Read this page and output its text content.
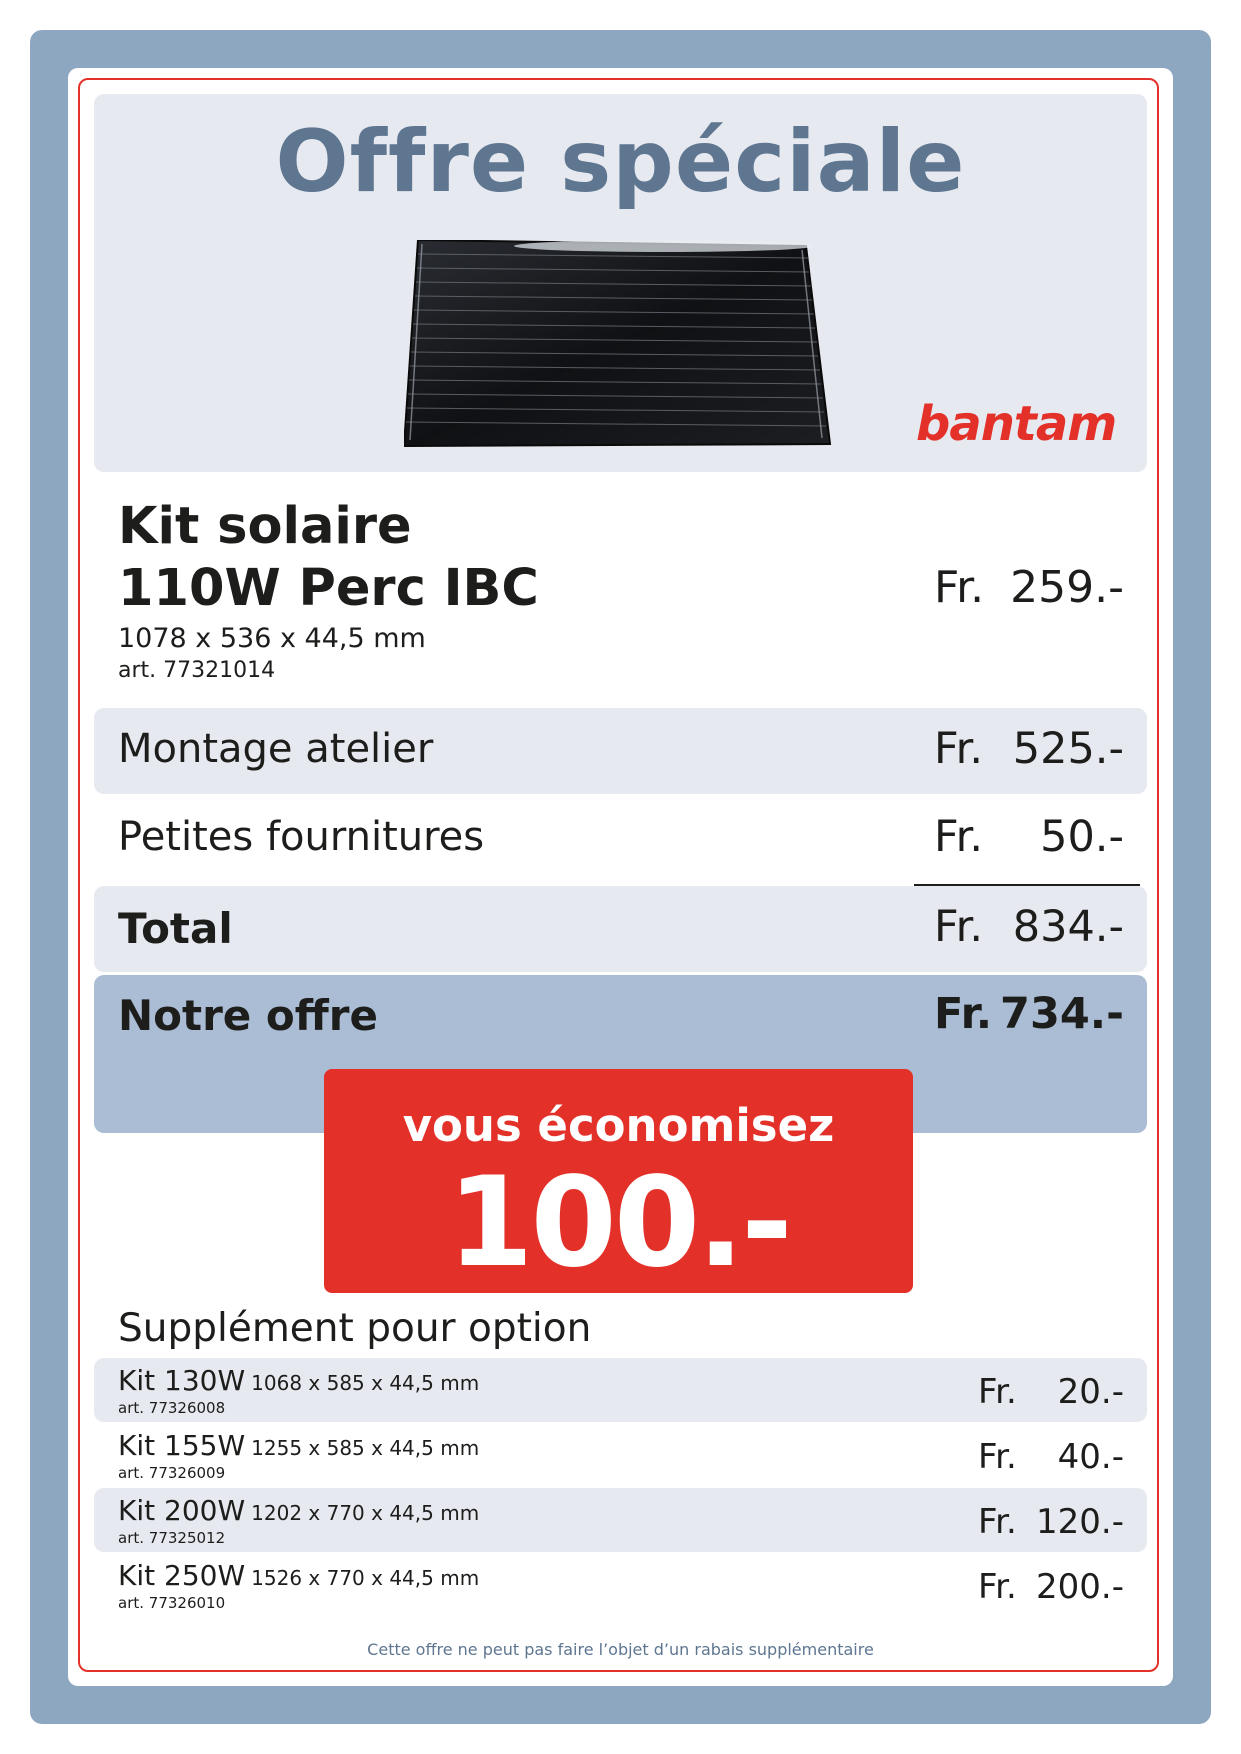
Offre spéciale
bantam
Kit solaire
110W Perc IBC
1078 x 536 x 44,5 mm
art. 77321014
Fr. 259.-
Montage atelier	Fr. 525.-
Petites fournitures	Fr. 50.-
Total	Fr. 834.-
Notre offre	Fr. 734.-
vous économisez
100.-
Supplément pour option
Kit 130W 1068 x 585 x 44,5 mm
art. 77326008	Fr. 20.-
Kit 155W 1255 x 585 x 44,5 mm
art. 77326009	Fr. 40.-
Kit 200W 1202 x 770 x 44,5 mm
art. 77325012	Fr. 120.-
Kit 250W 1526 x 770 x 44,5 mm
art. 77326010	Fr. 200.-
Cette offre ne peut pas faire l’objet d’un rabais supplémentaire
